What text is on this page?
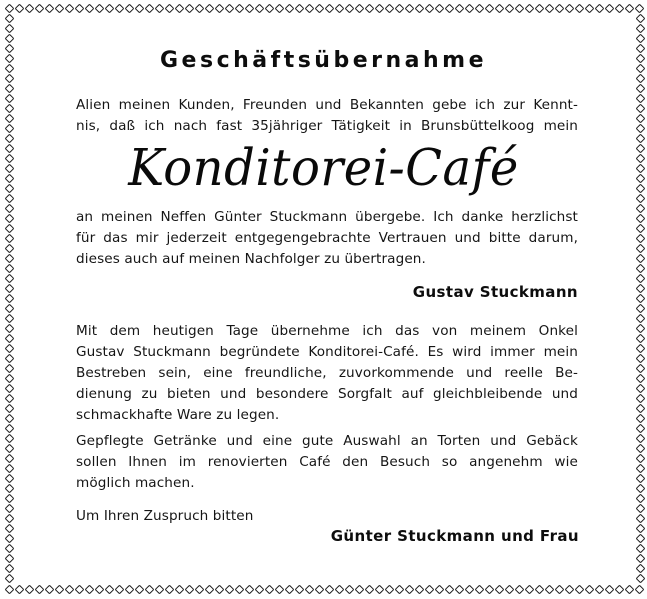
Geschäftsübernahme
Alien meinen Kunden, Freunden und Bekannten gebe ich zur Kennt-
nis, daß ich nach fast 35jähriger Tätigkeit in Brunsbüttelkoog mein
Konditorei-Café
an meinen Neffen Günter Stuckmann übergebe. Ich danke herzlichst
für das mir jederzeit entgegengebrachte Vertrauen und bitte darum,
dieses auch auf meinen Nachfolger zu übertragen.
Gustav Stuckmann
Mit dem heutigen Tage übernehme ich das von meinem Onkel
Gustav Stuckmann begründete Konditorei-Café. Es wird immer mein
Bestreben sein, eine freundliche, zuvorkommende und reelle Be-
dienung zu bieten und besondere Sorgfalt auf gleichbleibende und
schmackhafte Ware zu legen.
Gepflegte Getränke und eine gute Auswahl an Torten und Gebäck
sollen Ihnen im renovierten Café den Besuch so angenehm wie
möglich machen.
Um Ihren Zuspruch bitten
Günter Stuckmann und Frau
